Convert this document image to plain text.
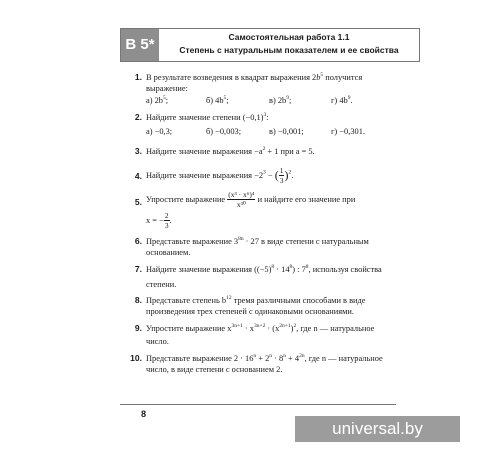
В 5*	Самостоятельная работа 1.1
Степень с натуральным показателем и ее свойства
1. В результате возведения в квадрат выражения $2b^5$ получится выражение:
а) $2b^5$;	б) $4b^5$;	в) $2b^9$;	г) $4b^9$.
2. Найдите значение степени $(-0,1)^3$:
а) −0,3;	б) −0,003;	в) −0,001;	г) −0,301.
3. Найдите значение выражения $-a^2 + 1$ при a = 5.
4. Найдите значение выражения $-2^3$ − ( $\frac{1}{3} )^2$.
5. Упростите выражение $\frac{\text{(x³ · x⁶)⁴}}{\text{x³⁰}}$ и найдите его значение при
x = − $\frac{2}{3}$ .
6. Представьте выражение $3^{8n} \cdot 27$ в виде степени с натуральным
основанием.
7. Найдите значение выражения $((-5)^8 \cdot 14^8)$ : $7^8$, используя свойства
степени.
8. Представьте степень $b^{12}$ тремя различными способами в виде
произведения трех степеней с одинаковыми основаниями.
9. Упростите выражение $x^{3n+1} \cdot x^{3n+2} \cdot (x^{2n+1})^2$, где n — натуральное
число.
10. Представьте выражение $2 \cdot 16^n + 2^n \cdot 8^n + 4^{2n}$, где n — натуральное
число, в виде степени с основанием 2.
8
universal.by
